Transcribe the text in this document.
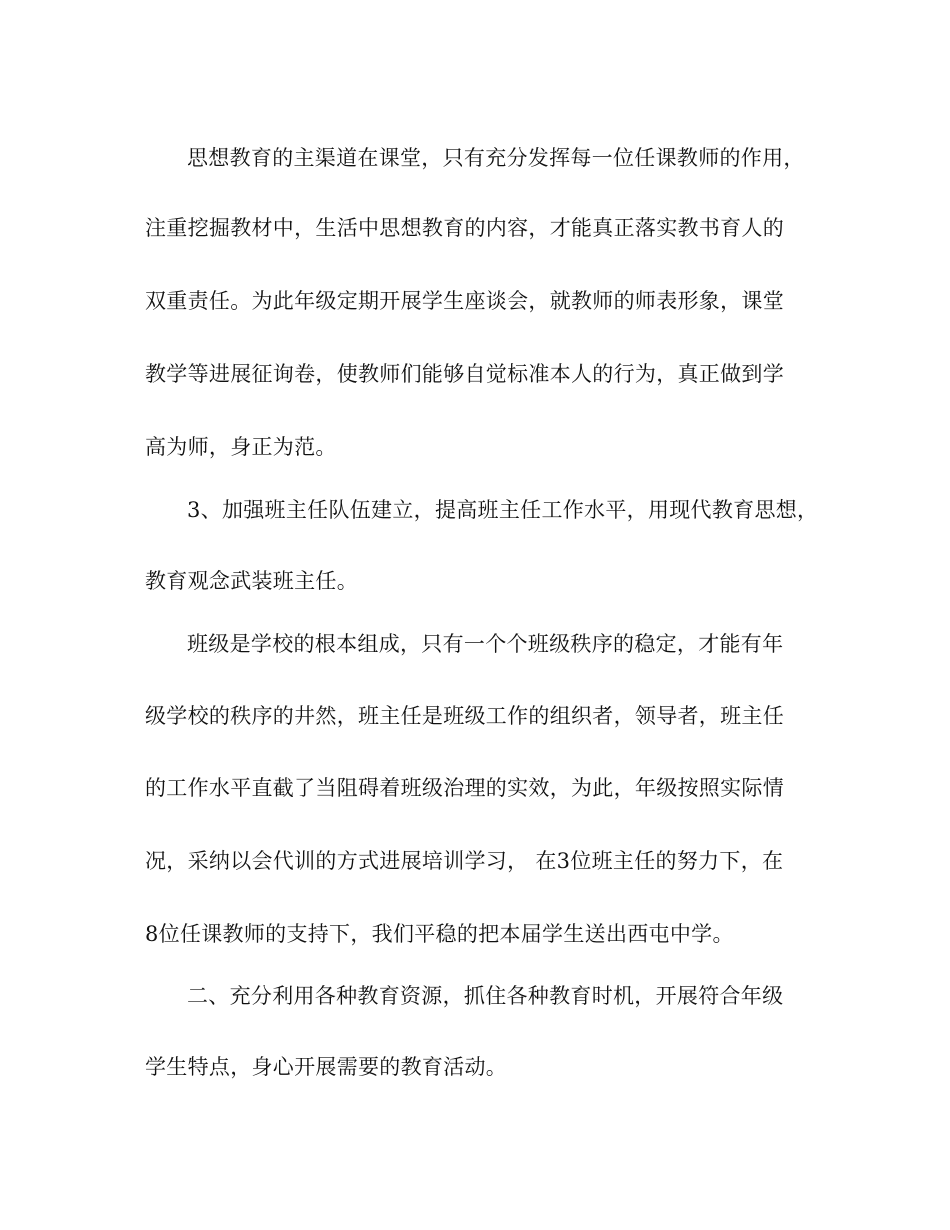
思想教育的主渠道在课堂，只有充分发挥每一位任课教师的作用，
注重挖掘教材中，生活中思想教育的内容，才能真正落实教书育人的
双重责任。为此年级定期开展学生座谈会，就教师的师表形象，课堂
教学等进展征询卷，使教师们能够自觉标准本人的行为，真正做到学
高为师，身正为范。
3、加强班主任队伍建立，提高班主任工作水平，用现代教育思想，
教育观念武装班主任。
班级是学校的根本组成，只有一个个班级秩序的稳定，才能有年
级学校的秩序的井然，班主任是班级工作的组织者，领导者，班主任
的工作水平直截了当阻碍着班级治理的实效，为此，年级按照实际情
况，采纳以会代训的方式进展培训学习， 在3位班主任的努力下，在
8位任课教师的支持下，我们平稳的把本届学生送出西屯中学。
二、充分利用各种教育资源，抓住各种教育时机，开展符合年级
学生特点，身心开展需要的教育活动。
